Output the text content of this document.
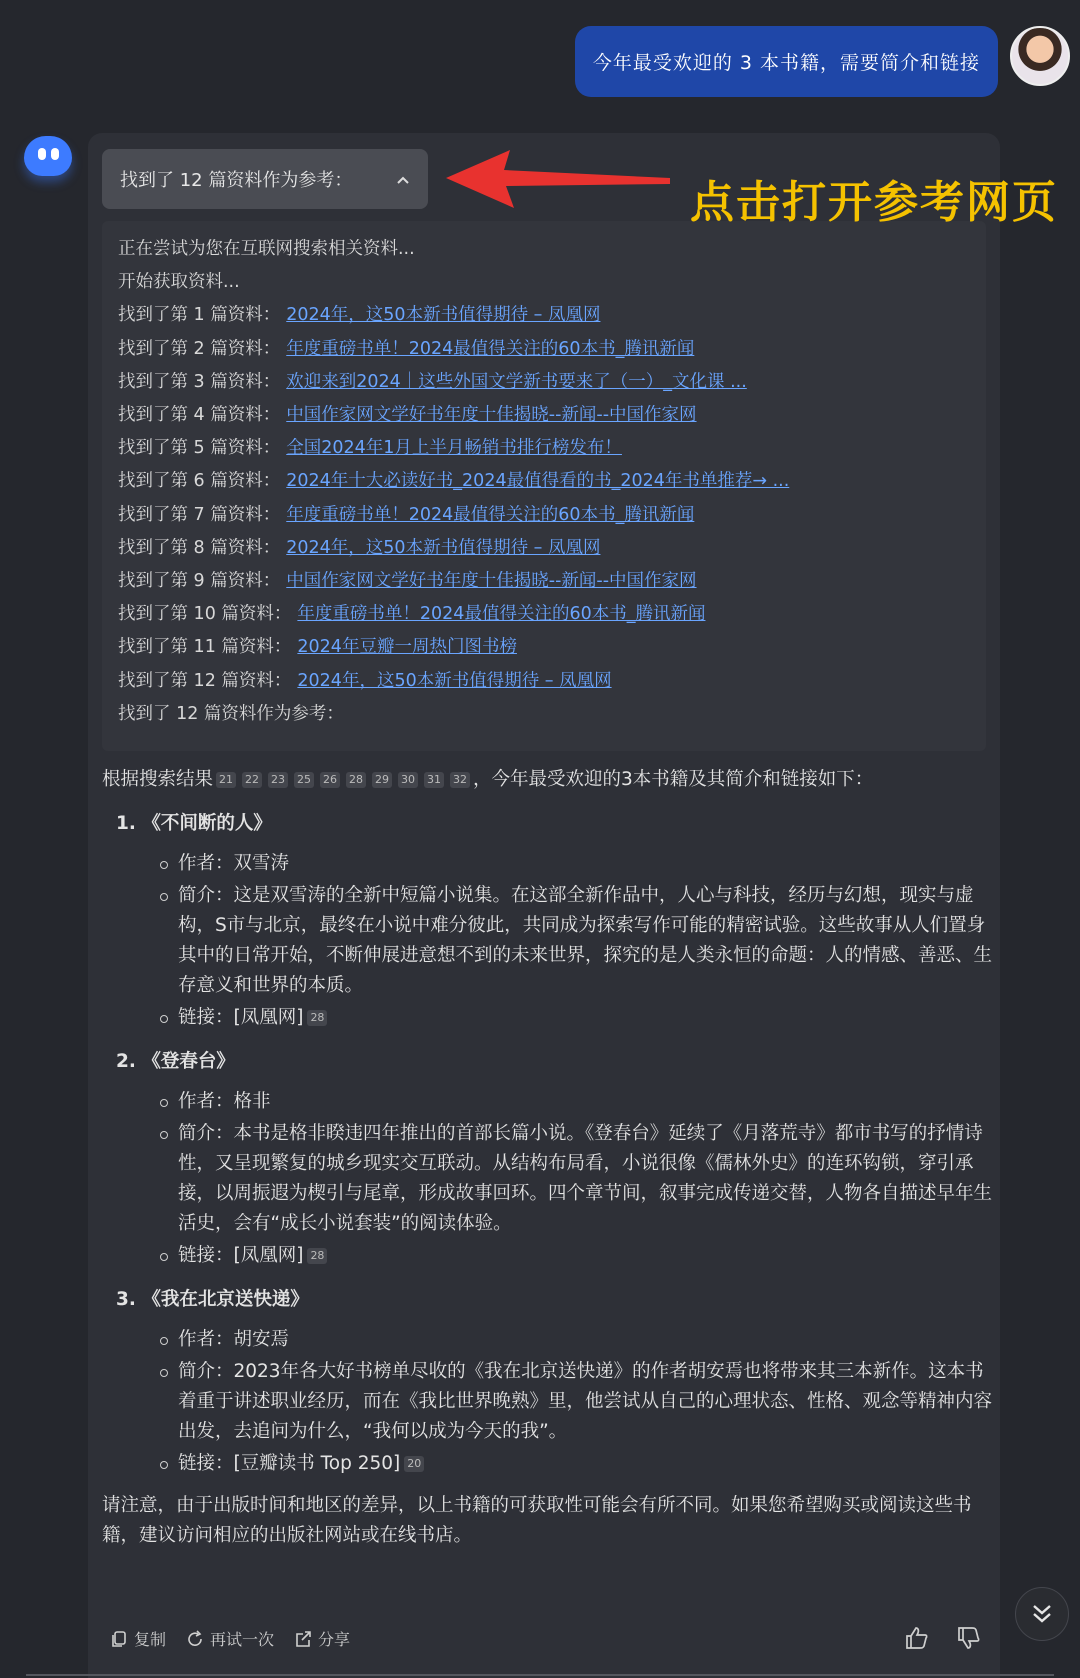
今年最受欢迎的 3 本书籍，需要简介和链接
找到了 12 篇资料作为参考：
正在尝试为您在互联网搜索相关资料...
开始获取资料...
找到了第 1 篇资料： 2024年，这50本新书值得期待 – 凤凰网
找到了第 2 篇资料： 年度重磅书单！2024最值得关注的60本书_腾讯新闻
找到了第 3 篇资料： 欢迎来到2024｜这些外国文学新书要来了（一）_文化课 ...
找到了第 4 篇资料： 中国作家网文学好书年度十佳揭晓--新闻--中国作家网
找到了第 5 篇资料： 全国2024年1月上半月畅销书排行榜发布！
找到了第 6 篇资料： 2024年十大必读好书_2024最值得看的书_2024年书单推荐→ ...
找到了第 7 篇资料： 年度重磅书单！2024最值得关注的60本书_腾讯新闻
找到了第 8 篇资料： 2024年，这50本新书值得期待 – 凤凰网
找到了第 9 篇资料： 中国作家网文学好书年度十佳揭晓--新闻--中国作家网
找到了第 10 篇资料： 年度重磅书单！2024最值得关注的60本书_腾讯新闻
找到了第 11 篇资料： 2024年豆瓣一周热门图书榜
找到了第 12 篇资料： 2024年，这50本新书值得期待 – 凤凰网
找到了 12 篇资料作为参考：
点击打开参考网页
根据搜索结果 21 22 23 25 26 28 29 30 31 32 ，今年最受欢迎的3本书籍及其简介和链接如下：
1. 《不间断的人》
作者：双雪涛
简介：这是双雪涛的全新中短篇小说集。在这部全新作品中，人心与科技，经历与幻想，现实与虚构，S市与北京，最终在小说中难分彼此，共同成为探索写作可能的精密试验。这些故事从人们置身其中的日常开始，不断伸展进意想不到的未来世界，探究的是人类永恒的命题：人的情感、善恶、生存意义和世界的本质。
链接：[凤凰网] 28
2. 《登春台》
作者：格非
简介：本书是格非睽违四年推出的首部长篇小说。《登春台》延续了《月落荒寺》都市书写的抒情诗性，又呈现繁复的城乡现实交互联动。从结构布局看，小说很像《儒林外史》的连环钩锁，穿引承接，以周振遐为楔引与尾章，形成故事回环。四个章节间，叙事完成传递交替，人物各自描述早年生活史，会有“成长小说套装”的阅读体验。
链接：[凤凰网] 28
3. 《我在北京送快递》
作者：胡安焉
简介：2023年各大好书榜单尽收的《我在北京送快递》的作者胡安焉也将带来其三本新作。这本书着重于讲述职业经历，而在《我比世界晚熟》里，他尝试从自己的心理状态、性格、观念等精神内容出发，去追问为什么，“我何以成为今天的我”。
链接：[豆瓣读书 Top 250] 20
请注意，由于出版时间和地区的差异，以上书籍的可获取性可能会有所不同。如果您希望购买或阅读这些书籍，建议访问相应的出版社网站或在线书店。
复制	再试一次	分享
